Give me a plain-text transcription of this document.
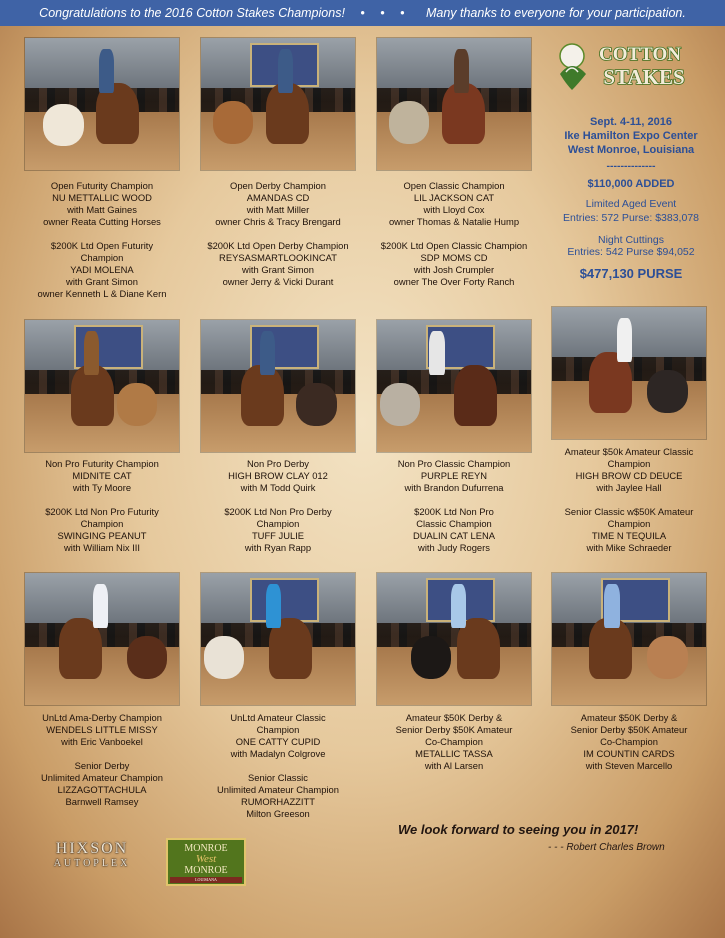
Congratulations to the 2016 Cotton Stakes Champions! • • • Many thanks to everyone for your participation.
Open Futurity Champion
NU METTALLIC WOOD
with Matt Gaines
owner Reata Cutting Horses
$200K Ltd Open Futurity
Champion
YADI MOLENA
with Grant Simon
owner Kenneth L & Diane Kern
Open Derby Champion
AMANDAS CD
with Matt Miller
owner Chris & Tracy Brengard
$200K Ltd Open Derby Champion
REYSASMARTLOOKINCAT
with Grant Simon
owner Jerry & Vicki Durant
Open Classic Champion
LIL JACKSON CAT
with Lloyd Cox
owner Thomas & Natalie Hump
$200K Ltd Open Classic Champion
SDP MOMS CD
with Josh Crumpler
owner The Over Forty Ranch
Non Pro Futurity Champion
MIDNITE CAT
with Ty Moore
$200K Ltd Non Pro Futurity
Champion
SWINGING PEANUT
with William Nix III
Non Pro Derby
HIGH BROW CLAY 012
with M Todd Quirk
$200K Ltd Non Pro Derby
Champion
TUFF JULIE
with Ryan Rapp
Non Pro Classic Champion
PURPLE REYN
with Brandon Dufurrena
$200K Ltd Non Pro
Classic Champion
DUALIN CAT LENA
with Judy Rogers
Amateur $50k Amateur Classic
Champion
HIGH BROW CD DEUCE
with Jaylee Hall
Senior Classic w$50K Amateur
Champion
TIME N TEQUILA
with Mike Schraeder
UnLtd Ama-Derby Champion
WENDELS LITTLE MISSY
with Eric Vanboekel
Senior Derby
Unlimited Amateur Champion
LIZZAGOTTACHULA
Barnwell Ramsey
UnLtd Amateur Classic
Champion
ONE CATTY CUPID
with Madalyn Colgrove
Senior Classic
Unlimited Amateur Champion
RUMORHAZZITT
Milton Greeson
Amateur $50K Derby &
Senior Derby $50K Amateur
Co-Champion
METALLIC TASSA
with Al Larsen
Amateur $50K Derby &
Senior Derby $50K Amateur
Co-Champion
IM COUNTIN CARDS
with Steven Marcello
COTTON
STAKES
Sept. 4-11, 2016
Ike Hamilton Expo Center
West Monroe, Louisiana
--------------
$110,000 ADDED
Limited Aged Event
Entries: 572 Purse: $383,078
Night Cuttings
Entries: 542 Purse $94,052
$477,130 PURSE
We look forward to seeing you in 2017!
- - - Robert Charles Brown
HIXSON
AUTOPLEX
MONROE
West
MONROE
LOUISIANA
